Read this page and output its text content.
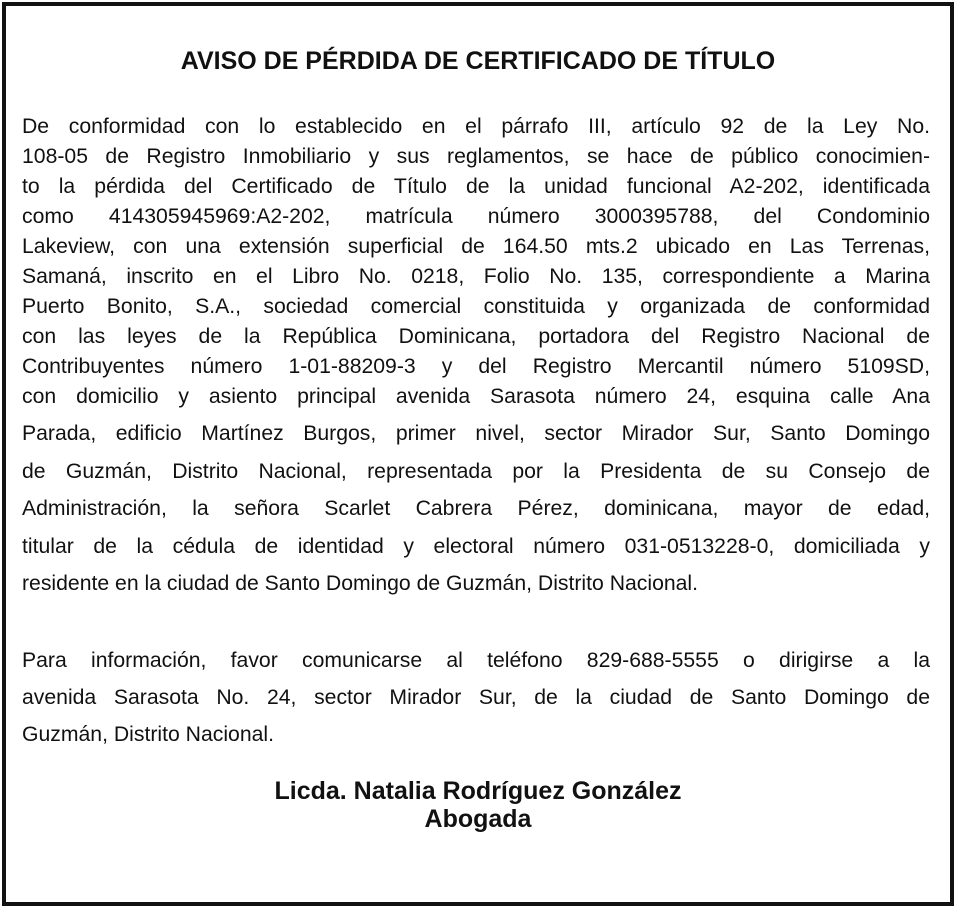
AVISO DE PÉRDIDA DE CERTIFICADO DE TÍTULO

De conformidad con lo establecido en el párrafo III, artículo 92 de la Ley No.
108-05 de Registro Inmobiliario y sus reglamentos, se hace de público conocimien-
to la pérdida del Certificado de Título de la unidad funcional A2-202, identificada
como 414305945969:A2-202, matrícula número 3000395788, del Condominio
Lakeview, con una extensión superficial de 164.50 mts.2 ubicado en Las Terrenas,
Samaná, inscrito en el Libro No. 0218, Folio No. 135, correspondiente a Marina
Puerto Bonito, S.A., sociedad comercial constituida y organizada de conformidad
con las leyes de la República Dominicana, portadora del Registro Nacional de
Contribuyentes número 1-01-88209-3 y del Registro Mercantil número 5109SD,
con domicilio y asiento principal avenida Sarasota número 24, esquina calle Ana

Parada, edificio Martínez Burgos, primer nivel, sector Mirador Sur, Santo Domingo
de Guzmán, Distrito Nacional, representada por la Presidenta de su Consejo de
Administración, la señora Scarlet Cabrera Pérez, dominicana, mayor de edad,
titular de la cédula de identidad y electoral número 031-0513228-0, domiciliada y
residente en la ciudad de Santo Domingo de Guzmán, Distrito Nacional.

Para información, favor comunicarse al teléfono 829-688-5555 o dirigirse a la
avenida Sarasota No. 24, sector Mirador Sur, de la ciudad de Santo Domingo de
Guzmán, Distrito Nacional.

Licda. Natalia Rodríguez González
Abogada
